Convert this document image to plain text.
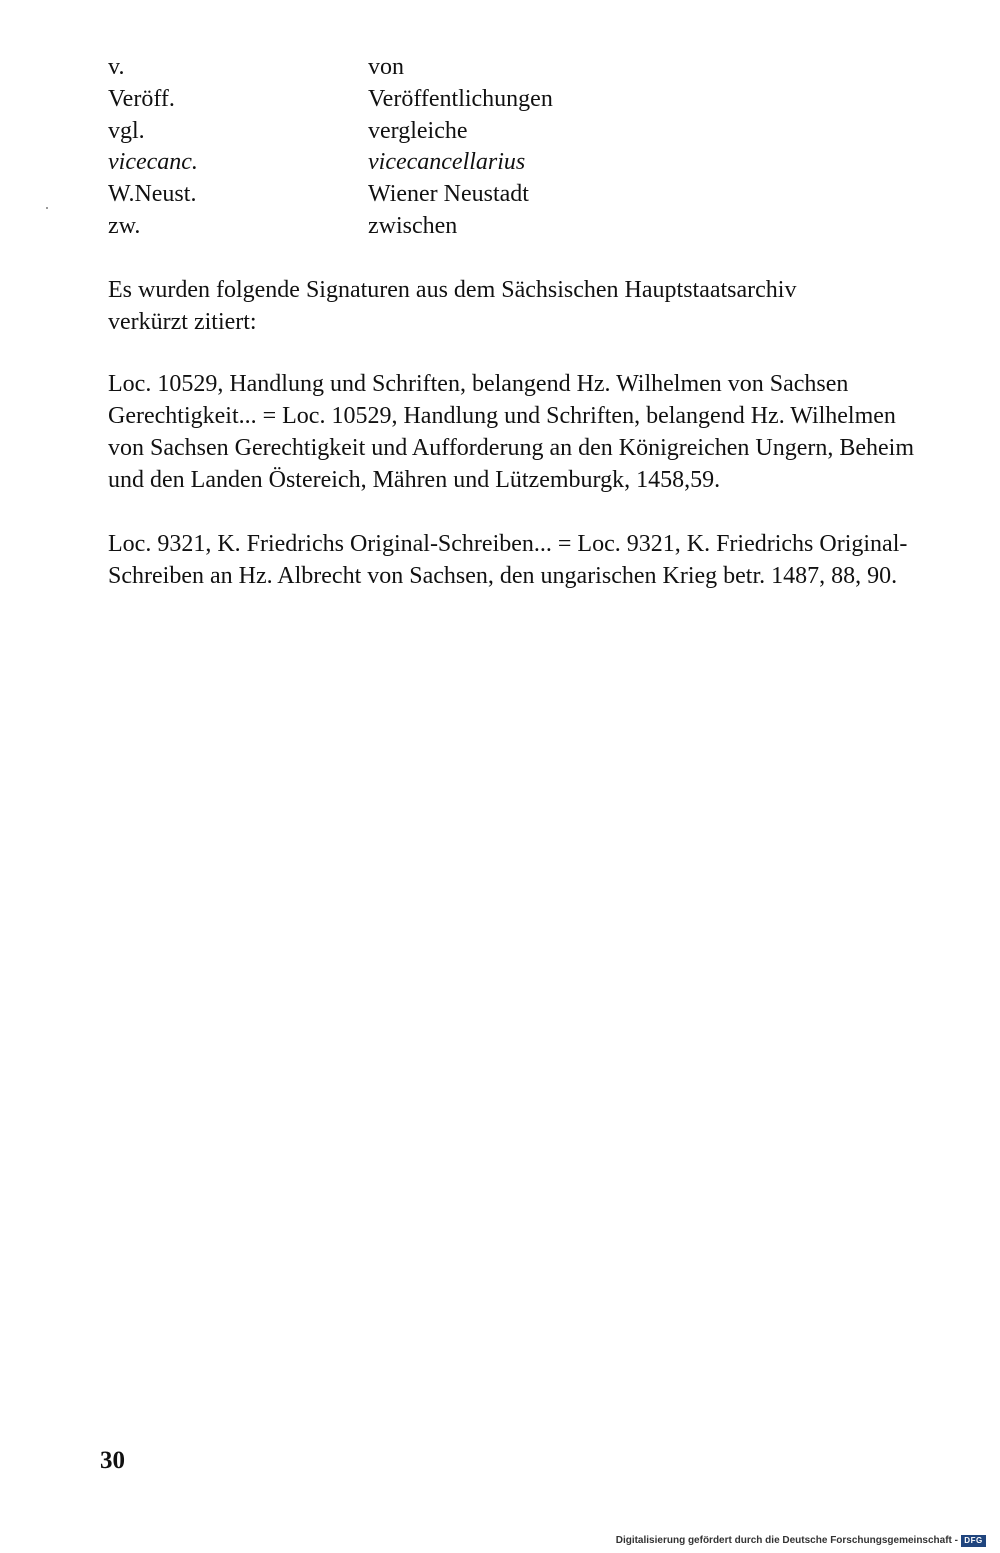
v.	von
Veröff.	Veröffentlichungen
vgl.	vergleiche
vicecanc.	vicecancellarius
W.Neust.	Wiener Neustadt
zw.	zwischen
Es wurden folgende Signaturen aus dem Sächsischen Hauptstaatsarchiv
verkürzt zitiert:
Loc. 10529, Handlung und Schriften, belangend Hz. Wilhelmen von Sachsen
Gerechtigkeit... = Loc. 10529, Handlung und Schriften, belangend Hz. Wilhelmen
von Sachsen Gerechtigkeit und Aufforderung an den Königreichen Ungern, Beheim
und den Landen Östereich, Mähren und Lützemburgk, 1458,59.
Loc. 9321, K. Friedrichs Original-Schreiben... = Loc. 9321, K. Friedrichs Original-
Schreiben an Hz. Albrecht von Sachsen, den ungarischen Krieg betr. 1487, 88, 90.
30
Digitalisierung gefördert durch die Deutsche Forschungsgemeinschaft - DFG
